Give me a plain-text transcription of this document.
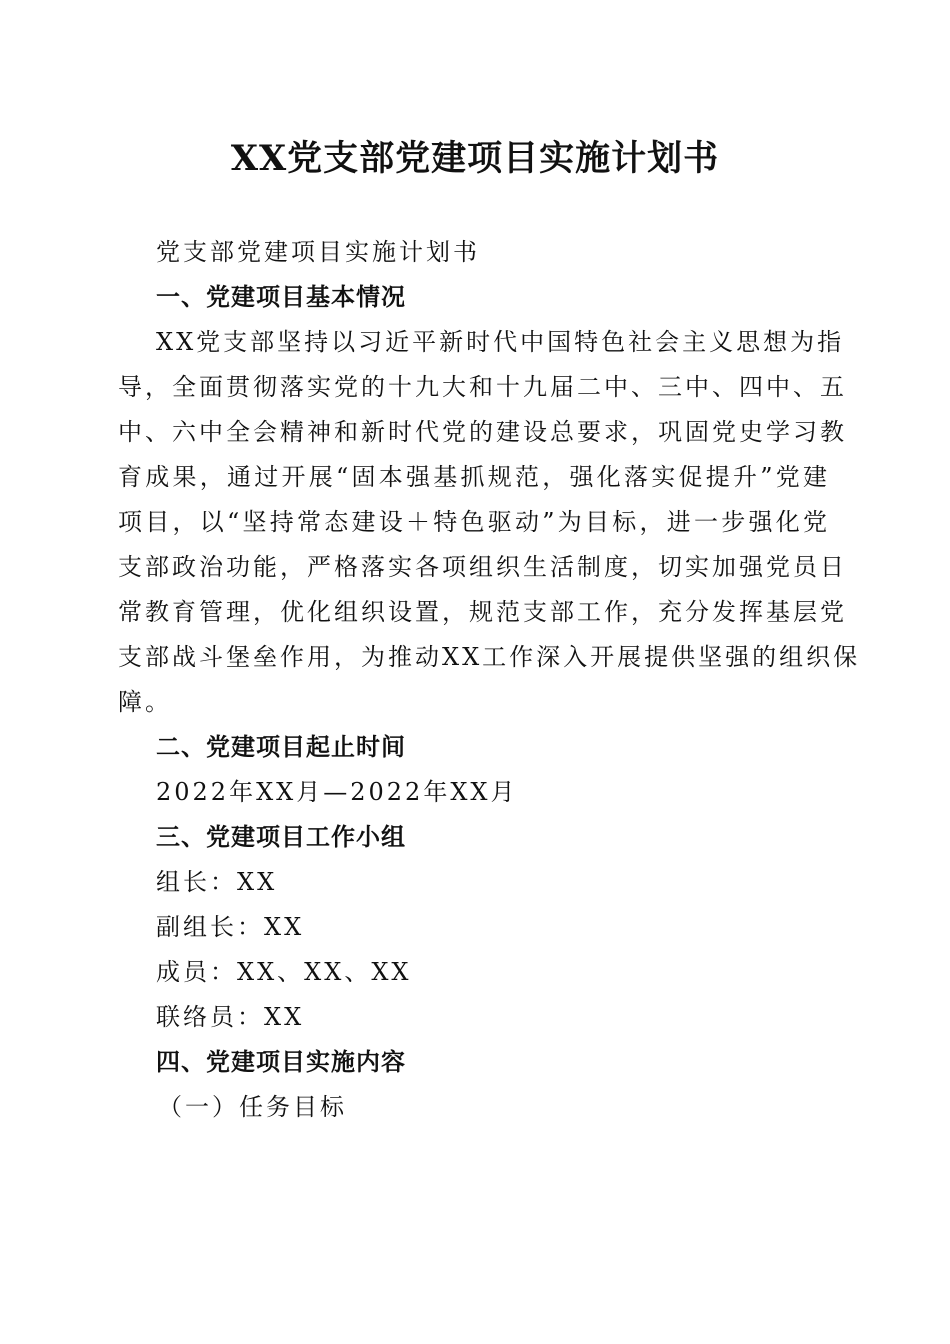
XX党支部党建项目实施计划书

党支部党建项目实施计划书

一、党建项目基本情况

XX党支部坚持以习近平新时代中国特色社会主义思想为指

导，全面贯彻落实党的十九大和十九届二中、三中、四中、五

中、六中全会精神和新时代党的建设总要求，巩固党史学习教

育成果，通过开展“固本强基抓规范，强化落实促提升”党建

项目，以“坚持常态建设＋特色驱动”为目标，进一步强化党

支部政治功能，严格落实各项组织生活制度，切实加强党员日

常教育管理，优化组织设置，规范支部工作，充分发挥基层党

支部战斗堡垒作用，为推动XX工作深入开展提供坚强的组织保

障。

二、党建项目起止时间

2022年XX月—2022年XX月

三、党建项目工作小组

组长：XX

副组长：XX

成员：XX、XX、XX

联络员：XX

四、党建项目实施内容

（一）任务目标
